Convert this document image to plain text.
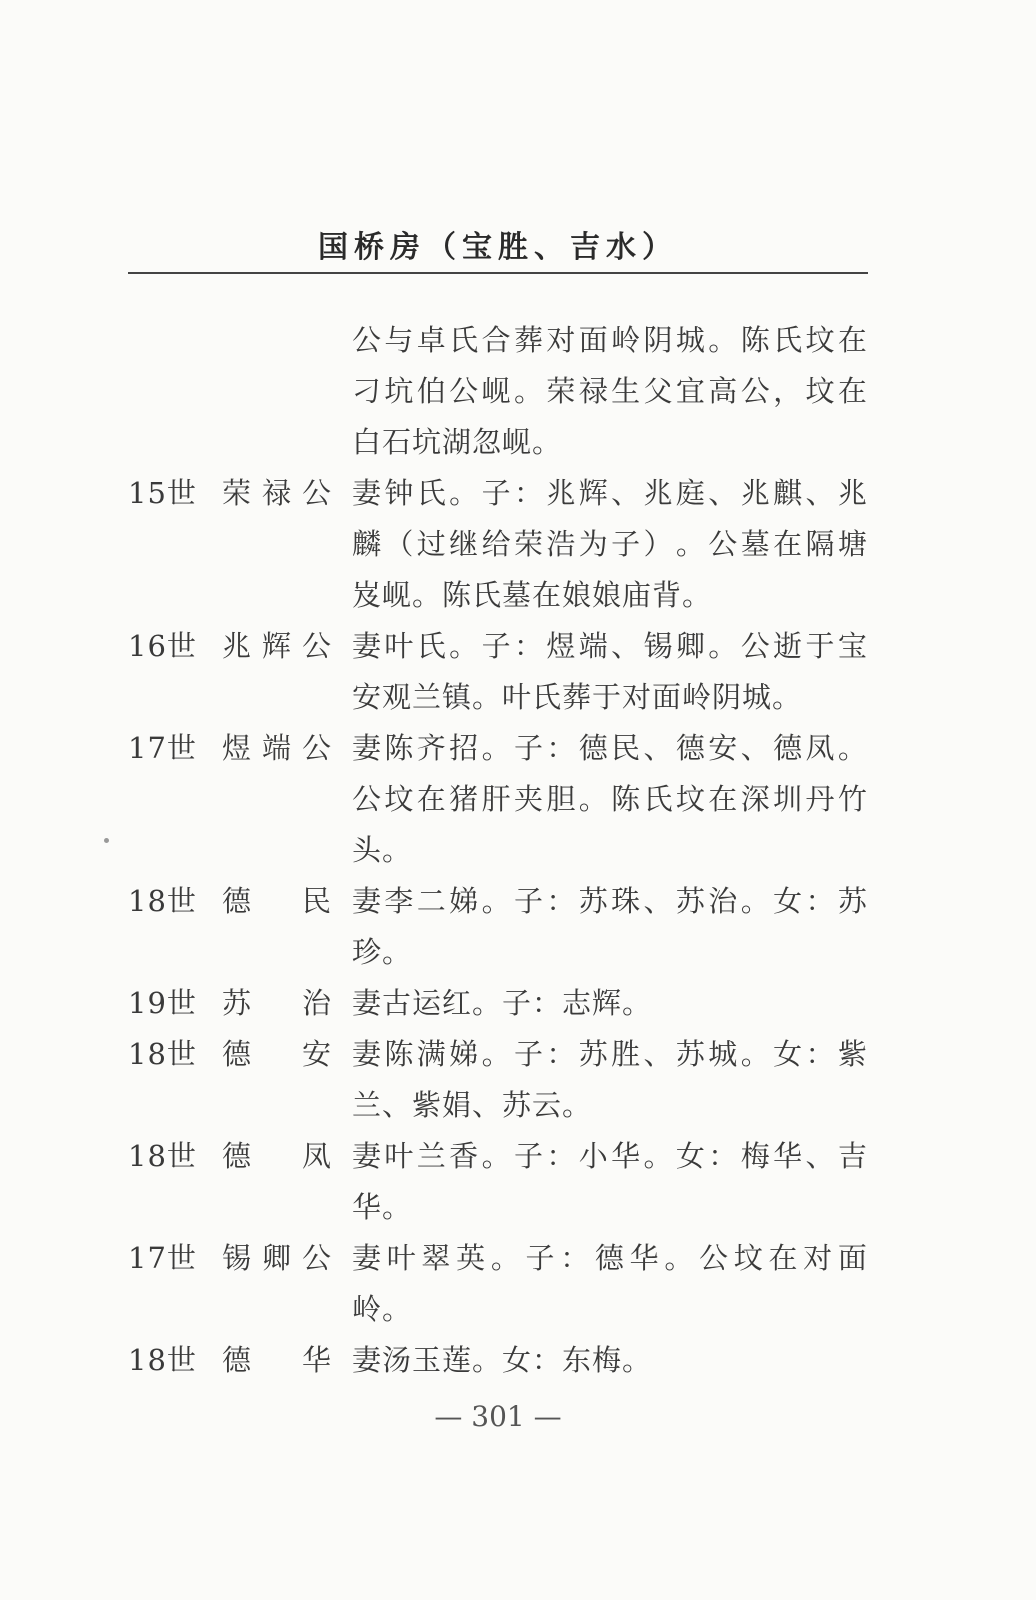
国桥房（宝胜、吉水）
公 与 卓 氏 合 葬 对 面 岭 阴 城 。 陈 氏 坟 在
刁 坑 伯 公 岘 。 荣 禄 生 父 宜 高 公 ， 坟 在
白石坑湖忽岘。
15世 荣 禄 公 妻 钟 氏 。 子 ： 兆 辉 、 兆 庭 、 兆 麒 、 兆
麟 （ 过 继 给 荣 浩 为 子 ） 。 公 墓 在 隔 塘
岌岘。陈氏墓在娘娘庙背。
16世 兆 辉 公 妻 叶 氏 。 子 ： 煜 端 、 锡 卿 。 公 逝 于 宝
安观兰镇。叶氏葬于对面岭阴城。
17世 煜 端 公 妻 陈 齐 招 。 子 ： 德 民 、 德 安 、 德 凤 。
公 坟 在 猪 肝 夹 胆 。 陈 氏 坟 在 深 圳 丹 竹
头。
18世 德 民 妻 李 二 娣 。 子 ： 苏 珠 、 苏 治 。 女 ： 苏
珍。
19世 苏 治 妻古运红。子：志辉。
18世 德 安 妻 陈 满 娣 。 子 ： 苏 胜 、 苏 城 。 女 ： 紫
兰、紫娟、苏云。
18世 德 凤 妻 叶 兰 香 。 子 ： 小 华 。 女 ： 梅 华 、 吉
华。
17世 锡 卿 公 妻 叶 翠 英 。 子 ： 德 华 。 公 坟 在 对 面
岭。
18世 德 华 妻汤玉莲。女：东梅。
— 301 —
